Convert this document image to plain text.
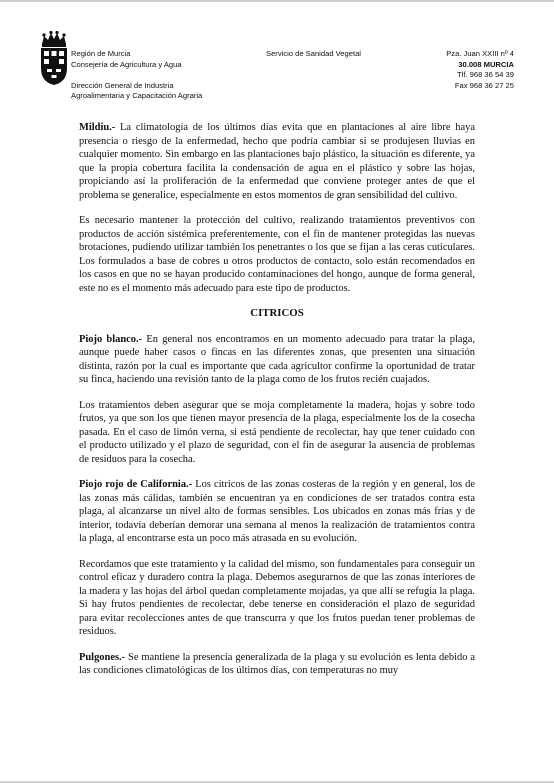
Región de Murcia
Consejería de Agricultura y Agua
Dirección General de Industria
Agroalimentaria y Capacitación Agraria
Servicio de Sanidad Vegetal	Pza. Juan XXIII nº 4
30.008 MURCIA
Tlf. 968 36 54 39
Fax 968 36 27 25

Mildiu.- La climatología de los últimos días evita que en plantaciones al aire libre haya presencia o riesgo de la enfermedad, hecho que podría cambiar si se produjesen lluvias en cualquier momento. Sin embargo en las plantaciones bajo plástico, la situación es diferente, ya que la propia cobertura facilita la condensación de agua en el plástico y sobre las hojas, propiciando así la proliferación de la enfermedad que conviene proteger antes de que el problema se generalice, especialmente en estos momentos de gran sensibilidad del cultivo.

Es necesario mantener la protección del cultivo, realizando tratamientos preventivos con productos de acción sistémica preferentemente, con el fin de mantener protegidas las nuevas brotaciones, pudiendo utilizar también los penetrantes o los que se fijan a las ceras cuticulares. Los formulados a base de cobres u otros productos de contacto, solo están recomendados en los casos en que no se hayan producido contaminaciones del hongo, aunque de forma general, este no es el momento más adecuado para este tipo de productos.

CITRICOS

Piojo blanco.- En general nos encontramos en un momento adecuado para tratar la plaga, aunque puede haber casos o fincas en las diferentes zonas, que presenten una situación distinta, razón por la cual es importante que cada agricultor confirme la oportunidad de tratar su finca, haciendo una revisión tanto de la plaga como de los frutos recién cuajados.

Los tratamientos deben asegurar que se moja completamente la madera, hojas y sobre todo frutos, ya que son los que tienen mayor presencia de la plaga, especialmente los de la cosecha pasada. En el caso de limón verna, si está pendiente de recolectar, hay que tener cuidado con el producto utilizado y el plazo de seguridad, con el fin de asegurar la ausencia de problemas de residuos para la cosecha.

Piojo rojo de California.- Los cítricos de las zonas costeras de la región y en general, los de las zonas más cálidas, también se encuentran ya en condiciones de ser tratados contra esta plaga, al alcanzarse un nivel alto de formas sensibles. Los ubicados en zonas más frías y de interior, todavía deberían demorar una semana al menos la realización de tratamientos contra la plaga, al encontrarse esta un poco más atrasada en su evolución.

Recordamos que este tratamiento y la calidad del mismo, son fundamentales para conseguir un control eficaz y duradero contra la plaga. Debemos asegurarnos de que las zonas interiores de la madera y las hojas del árbol quedan completamente mojadas, ya que allí se refugia la plaga. Si hay frutos pendientes de recolectar, debe tenerse en consideración el plazo de seguridad para evitar recolecciones antes de que transcurra y que los frutos puedan tener problemas de residuos.

Pulgones.- Se mantiene la presencia generalizada de la plaga y su evolución es lenta debido a las condiciones climatológicas de los últimos días, con temperaturas no muy
